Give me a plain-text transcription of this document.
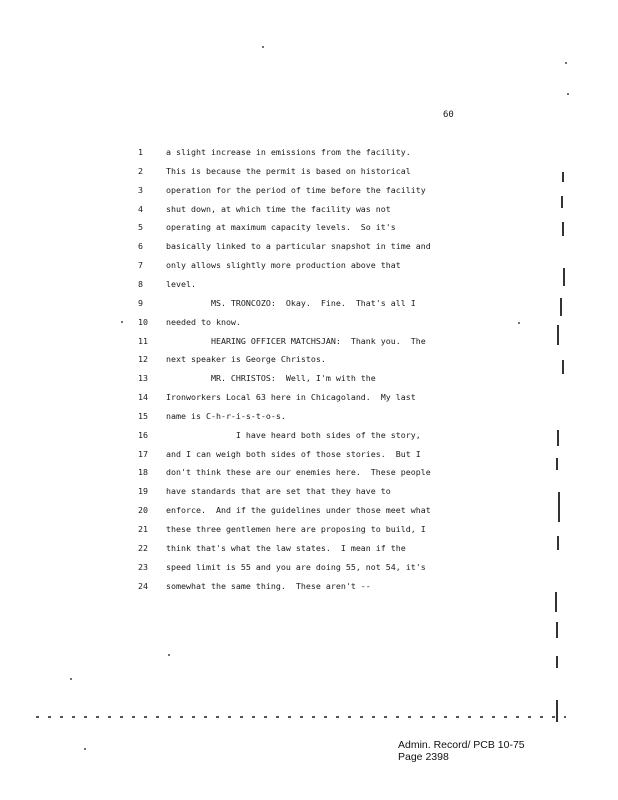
60
1	a slight increase in emissions from the facility.
2	This is because the permit is based on historical
3	operation for the period of time before the facility
4	shut down, at which time the facility was not
5	operating at maximum capacity levels.  So it's
6	basically linked to a particular snapshot in time and
7	only allows slightly more production above that
8	level.
9	MS. TRONCOZO:  Okay.  Fine.  That's all I
10	needed to know.
11	HEARING OFFICER MATCHSJAN:  Thank you.  The
12	next speaker is George Christos.
13	MR. CHRISTOS:  Well, I'm with the
14	Ironworkers Local 63 here in Chicagoland.  My last
15	name is C-h-r-i-s-t-o-s.
16	I have heard both sides of the story,
17	and I can weigh both sides of those stories.  But I
18	don't think these are our enemies here.  These people
19	have standards that are set that they have to
20	enforce.  And if the guidelines under those meet what
21	these three gentlemen here are proposing to build, I
22	think that's what the law states.  I mean if the
23	speed limit is 55 and you are doing 55, not 54, it's
24	somewhat the same thing.  These aren't --
Admin. Record/ PCB 10-75
Page 2398
